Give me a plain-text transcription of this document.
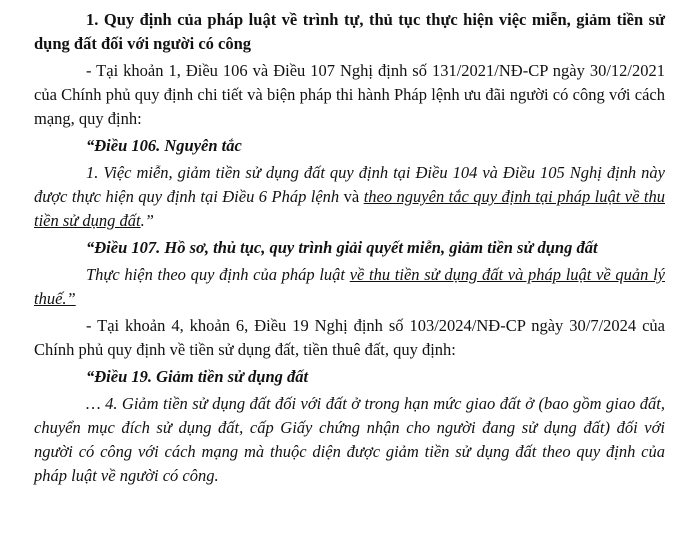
1. Quy định của pháp luật về trình tự, thủ tục thực hiện việc miễn, giảm tiền sử dụng đất đối với người có công

- Tại khoản 1, Điều 106 và Điều 107 Nghị định số 131/2021/NĐ-CP ngày 30/12/2021 của Chính phủ quy định chi tiết và biện pháp thi hành Pháp lệnh ưu đãi người có công với cách mạng, quy định:

“Điều 106. Nguyên tắc

1. Việc miễn, giảm tiền sử dụng đất quy định tại Điều 104 và Điều 105 Nghị định này được thực hiện quy định tại Điều 6 Pháp lệnh và theo nguyên tắc quy định tại pháp luật về thu tiền sử dụng đất.”

“Điều 107. Hồ sơ, thủ tục, quy trình giải quyết miễn, giảm tiền sử dụng đất

Thực hiện theo quy định của pháp luật về thu tiền sử dụng đất và pháp luật về quản lý thuế.”

- Tại khoản 4, khoản 6, Điều 19 Nghị định số 103/2024/NĐ-CP ngày 30/7/2024 của Chính phủ quy định về tiền sử dụng đất, tiền thuê đất, quy định:

“Điều 19. Giảm tiền sử dụng đất

… 4. Giảm tiền sử dụng đất đối với đất ở trong hạn mức giao đất ở (bao gồm giao đất, chuyển mục đích sử dụng đất, cấp Giấy chứng nhận cho người đang sử dụng đất) đối với người có công với cách mạng mà thuộc diện được giảm tiền sử dụng đất theo quy định của pháp luật về người có công.
